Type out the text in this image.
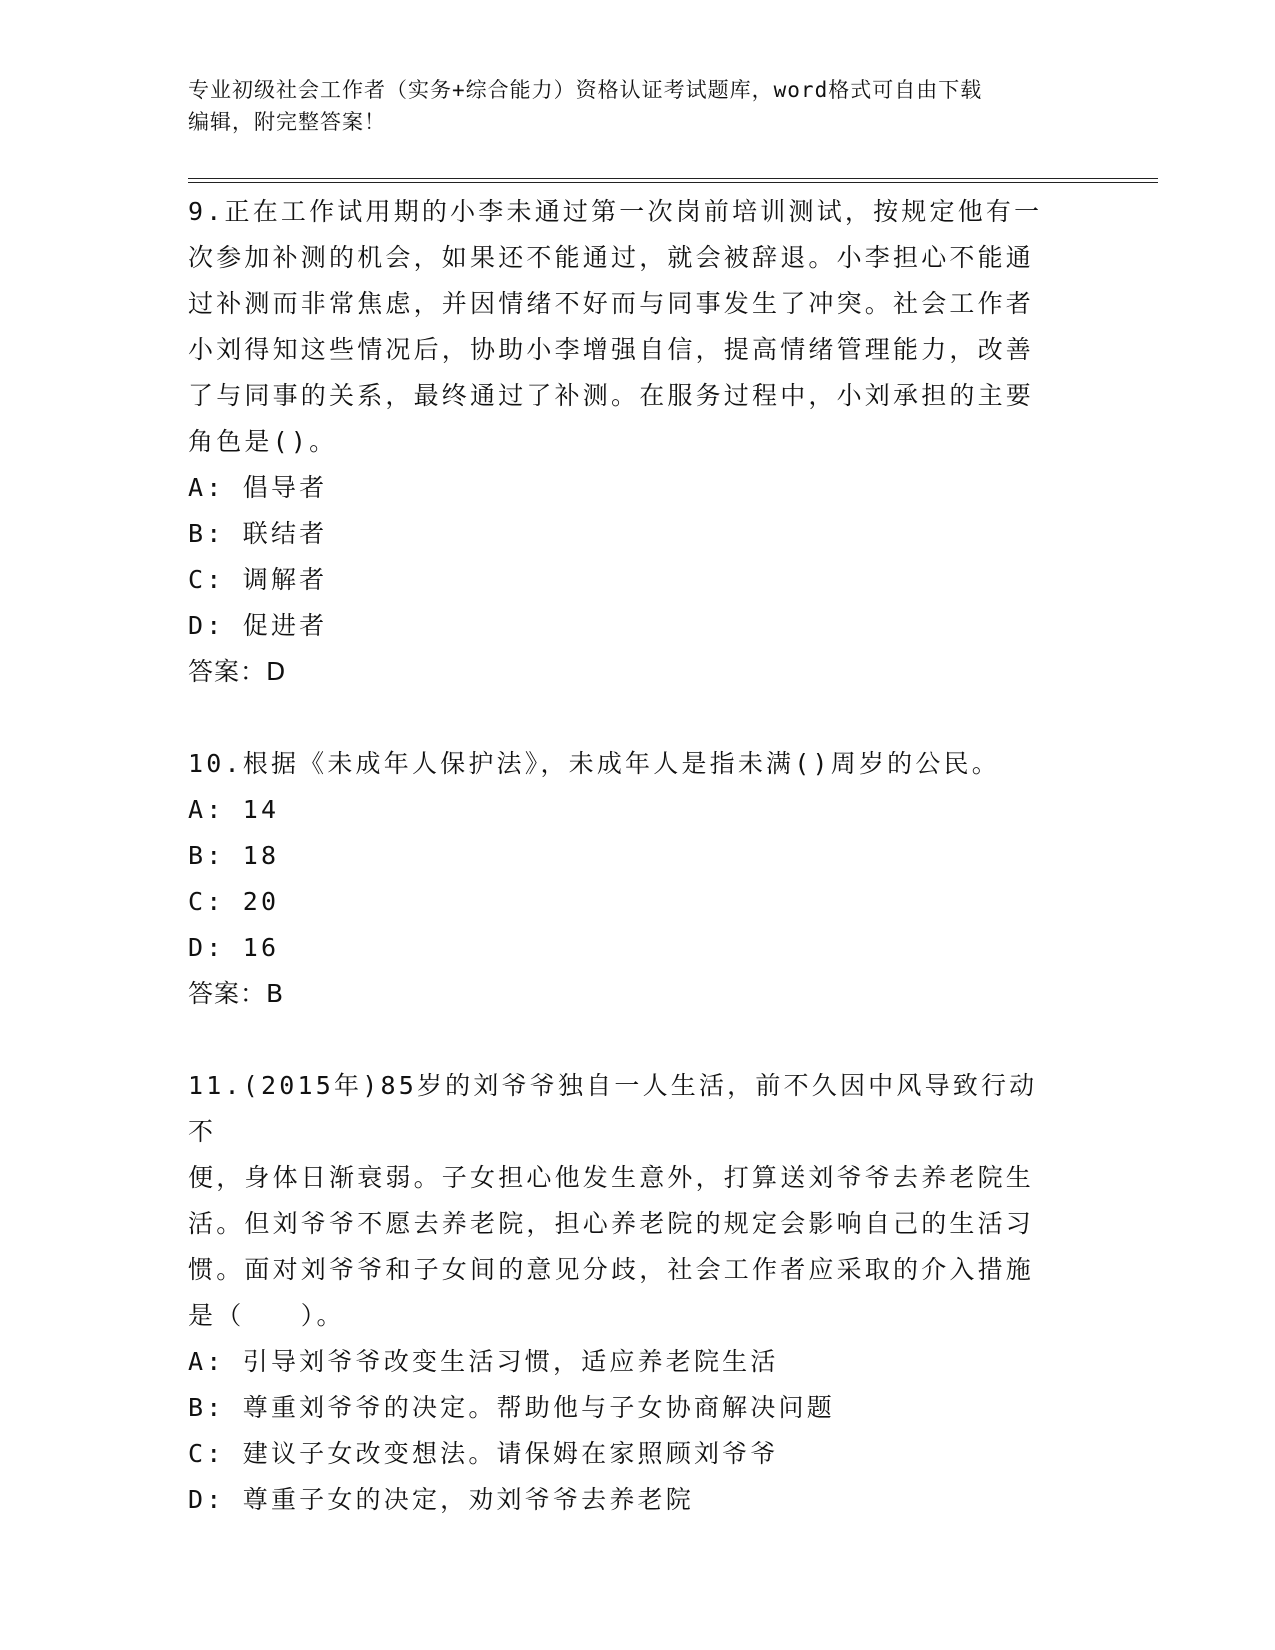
专业初级社会工作者（实务+综合能力）资格认证考试题库，word格式可自由下载
编辑，附完整答案！
9.正在工作试用期的小李未通过第一次岗前培训测试，按规定他有一
次参加补测的机会，如果还不能通过，就会被辞退。小李担心不能通
过补测而非常焦虑，并因情绪不好而与同事发生了冲突。社会工作者
小刘得知这些情况后，协助小李增强自信，提高情绪管理能力，改善
了与同事的关系，最终通过了补测。在服务过程中，小刘承担的主要
角色是()。
A: 倡导者
B: 联结者
C: 调解者
D: 促进者
答案：D
10.根据《未成年人保护法》，未成年人是指未满()周岁的公民。
A: 14
B: 18
C: 20
D: 16
答案：B
11.(2015年)85岁的刘爷爷独自一人生活，前不久因中风导致行动不
便，身体日渐衰弱。子女担心他发生意外，打算送刘爷爷去养老院生
活。但刘爷爷不愿去养老院，担心养老院的规定会影响自己的生活习
惯。面对刘爷爷和子女间的意见分歧，社会工作者应采取的介入措施
是（　　）。
A: 引导刘爷爷改变生活习惯，适应养老院生活
B: 尊重刘爷爷的决定。帮助他与子女协商解决问题
C: 建议子女改变想法。请保姆在家照顾刘爷爷
D: 尊重子女的决定，劝刘爷爷去养老院
